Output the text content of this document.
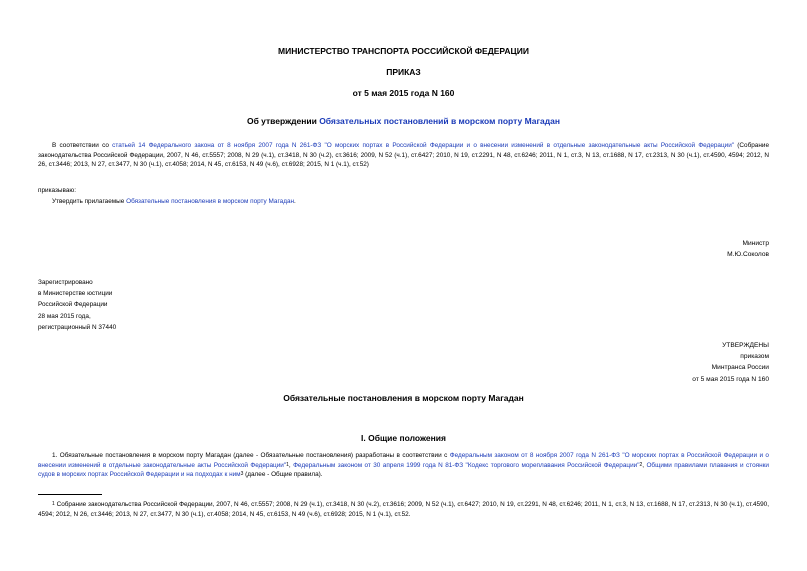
МИНИСТЕРСТВО ТРАНСПОРТА РОССИЙСКОЙ ФЕДЕРАЦИИ
ПРИКАЗ
от 5 мая 2015 года N 160
Об утверждении Обязательных постановлений в морском порту Магадан
В соответствии со статьей 14 Федерального закона от 8 ноября 2007 года N 261-ФЗ "О морских портах в Российской Федерации и о внесении изменений в отдельные законодательные акты Российской Федерации" (Собрание законодательства Российской Федерации, 2007, N 46, ст.5557; 2008, N 29 (ч.1), ст.3418, N 30 (ч.2), ст.3616; 2009, N 52 (ч.1), ст.6427; 2010, N 19, ст.2291, N 48, ст.6246; 2011, N 1, ст.3, N 13, ст.1688, N 17, ст.2313, N 30 (ч.1), ст.4590, 4594; 2012, N 26, ст.3446; 2013, N 27, ст.3477, N 30 (ч.1), ст.4058; 2014, N 45, ст.6153, N 49 (ч.6), ст.6928; 2015, N 1 (ч.1), ст.52)
приказываю:
Утвердить прилагаемые Обязательные постановления в морском порту Магадан.
Министр
М.Ю.Соколов
Зарегистрировано
в Министерстве юстиции
Российской Федерации
28 мая 2015 года,
регистрационный N 37440
УТВЕРЖДЕНЫ
приказом
Минтранса России
от 5 мая 2015 года N 160
Обязательные постановления в морском порту Магадан
I. Общие положения
1. Обязательные постановления в морском порту Магадан (далее - Обязательные постановления) разработаны в соответствии с Федеральным законом от 8 ноября 2007 года N 261-ФЗ "О морских портах в Российской Федерации и о внесении изменений в отдельные законодательные акты Российской Федерации"$^1$, Федеральным законом от 30 апреля 1999 года N 81-ФЗ "Кодекс торгового мореплавания Российской Федерации"$^2$, Общими правилами плавания и стоянки судов в морских портах Российской Федерации и на подходах к ним$^3$ (далее - Общие правила).
$^1$ Собрание законодательства Российской Федерации, 2007, N 46, ст.5557; 2008, N 29 (ч.1), ст.3418, N 30 (ч.2), ст.3616; 2009, N 52 (ч.1), ст.6427; 2010, N 19, ст.2291, N 48, ст.6246; 2011, N 1, ст.3, N 13, ст.1688, N 17, ст.2313, N 30 (ч.1), ст.4590, 4594; 2012, N 26, ст.3446; 2013, N 27, ст.3477, N 30 (ч.1), ст.4058; 2014, N 45, ст.6153, N 49 (ч.6), ст.6928; 2015, N 1 (ч.1), ст.52.
